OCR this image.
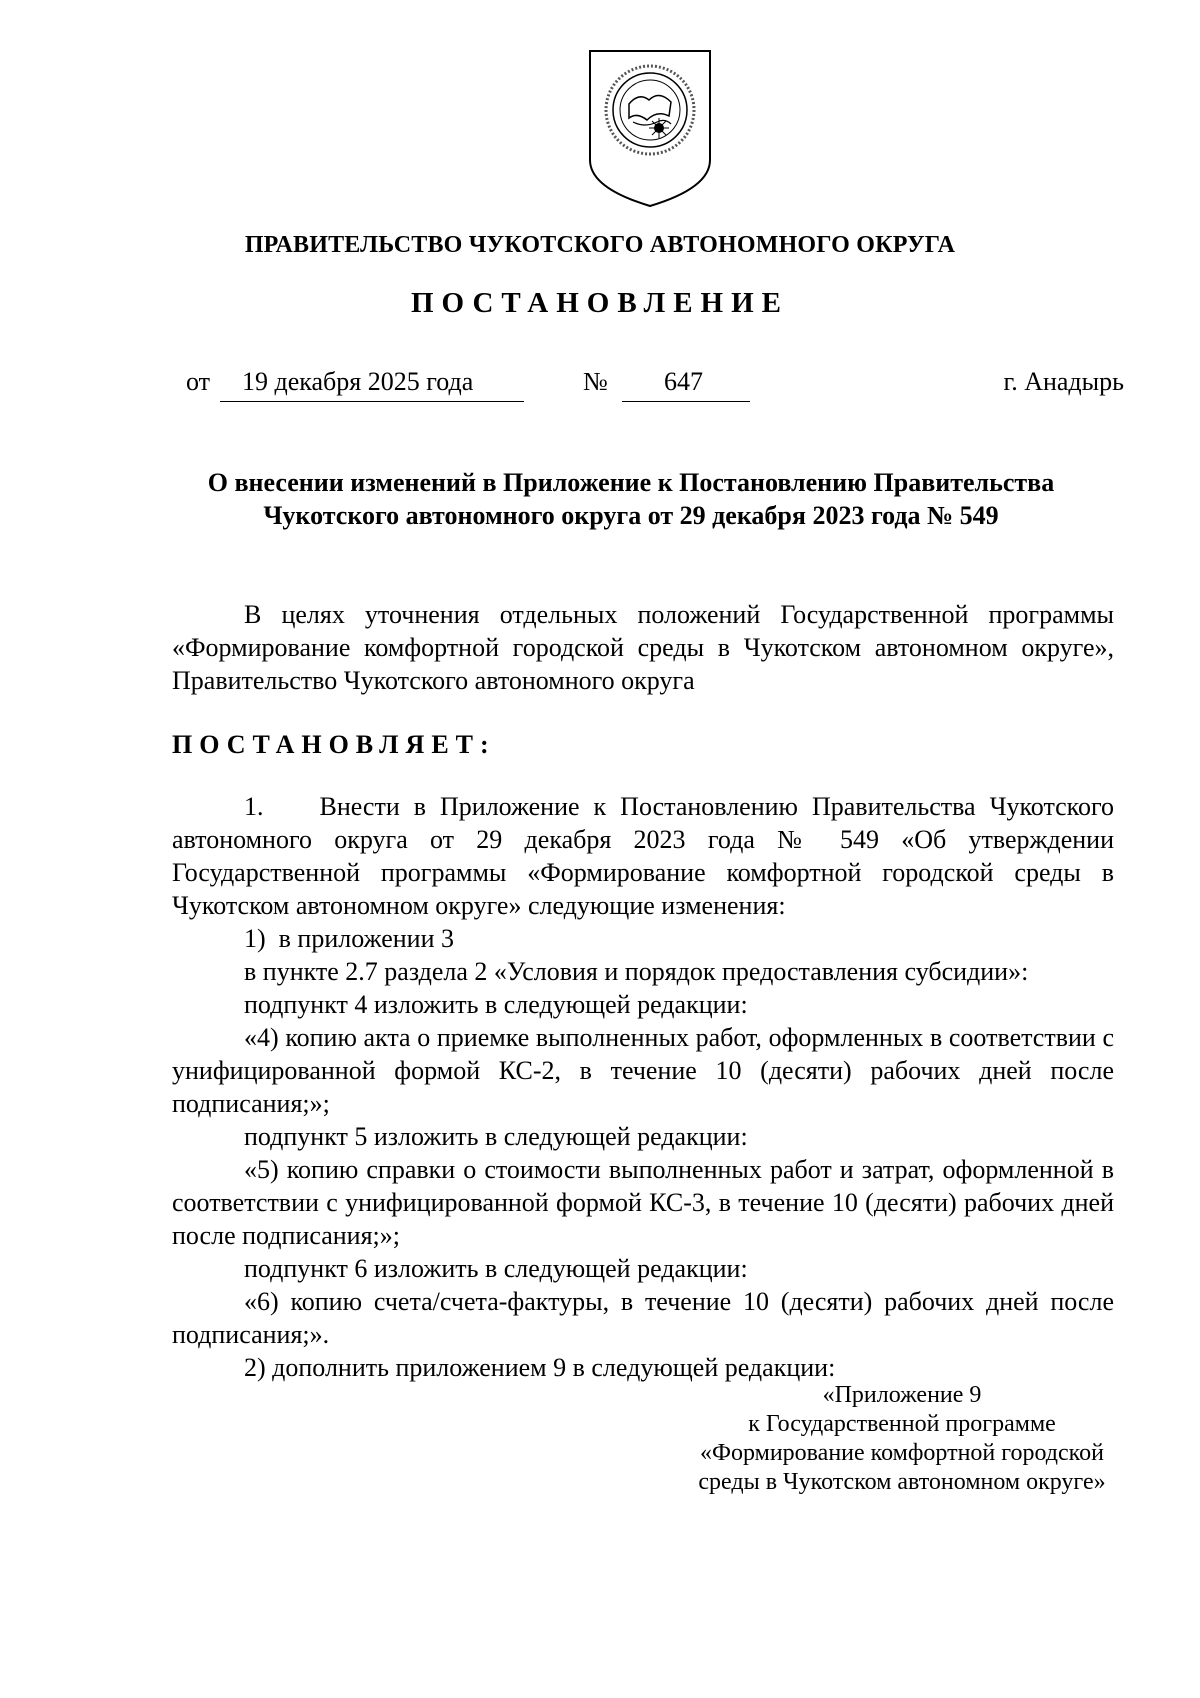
ПРАВИТЕЛЬСТВО ЧУКОТСКОГО АВТОНОМНОГО ОКРУГА
ПОСТАНОВЛЕНИЕ
от 19 декабря 2025 года	№ 647	г. Анадырь
О внесении изменений в Приложение к Постановлению Правительства
Чукотского автономного округа от 29 декабря 2023 года № 549

В целях уточнения отдельных положений Государственной программы «Формирование комфортной городской среды в Чукотском автономном округе», Правительство Чукотского автономного округа

ПОСТАНОВЛЯЕТ:

1.    Внести в Приложение к Постановлению Правительства Чукотского автономного округа от 29 декабря 2023 года № 549 «Об утверждении Государственной программы «Формирование комфортной городской среды в Чукотском автономном округе» следующие изменения:

1)  в приложении 3

в пункте 2.7 раздела 2 «Условия и порядок предоставления субсидии»:

подпункт 4 изложить в следующей редакции:

«4) копию акта о приемке выполненных работ, оформленных в соответствии с унифицированной формой КС-2, в течение 10 (десяти) рабочих дней после подписания;»;

подпункт 5 изложить в следующей редакции:

«5) копию справки о стоимости выполненных работ и затрат, оформленной в соответствии с унифицированной формой КС-3, в течение 10 (десяти) рабочих дней после подписания;»;

подпункт 6 изложить в следующей редакции:

«6) копию счета/счета-фактуры, в течение 10 (десяти) рабочих дней после подписания;».

2) дополнить приложением 9 в следующей редакции:

«Приложение 9
к Государственной программе
«Формирование комфортной городской
среды в Чукотском автономном округе»
